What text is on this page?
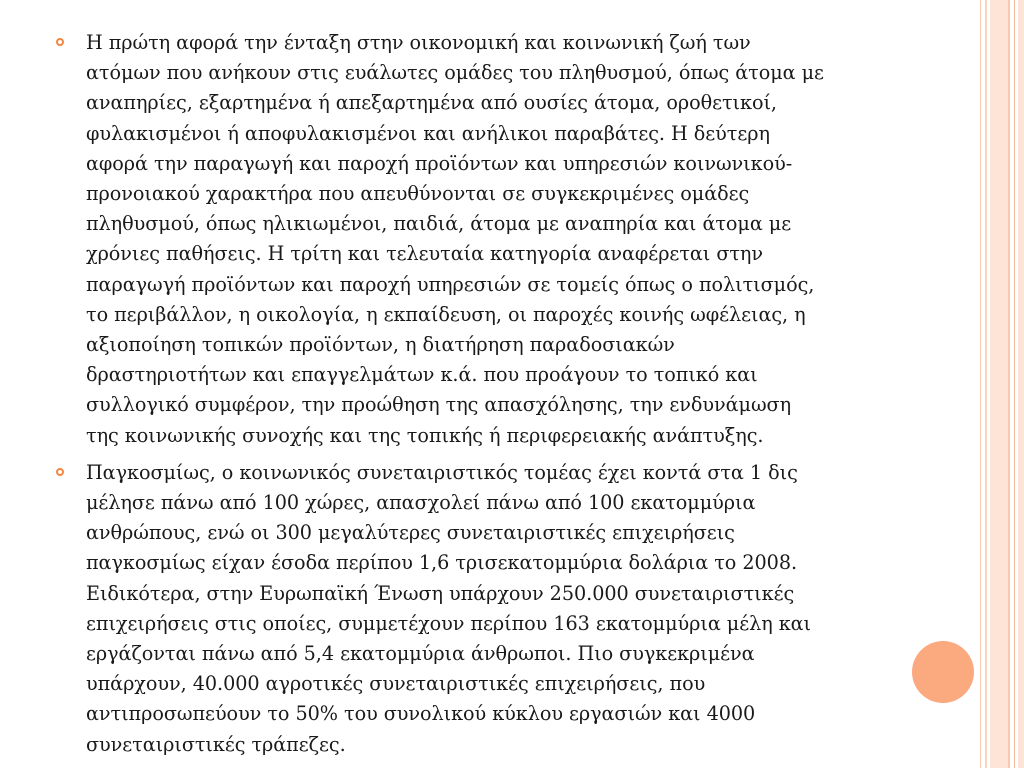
Η πρώτη αφορά την ένταξη στην οικονομική και κοινωνική ζωή των
ατόμων που ανήκουν στις ευάλωτες ομάδες του πληθυσμού, όπως άτομα με
αναπηρίες, εξαρτημένα ή απεξαρτημένα από ουσίες άτομα, οροθετικοί,
φυλακισμένοι ή αποφυλακισμένοι και ανήλικοι παραβάτες. Η δεύτερη
αφορά την παραγωγή και παροχή προϊόντων και υπηρεσιών κοινωνικού-
προνοιακού χαρακτήρα που απευθύνονται σε συγκεκριμένες ομάδες
πληθυσμού, όπως ηλικιωμένοι, παιδιά, άτομα με αναπηρία και άτομα με
χρόνιες παθήσεις. Η τρίτη και τελευταία κατηγορία αναφέρεται στην
παραγωγή προϊόντων και παροχή υπηρεσιών σε τομείς όπως ο πολιτισμός,
το περιβάλλον, η οικολογία, η εκπαίδευση, οι παροχές κοινής ωφέλειας, η
αξιοποίηση τοπικών προϊόντων, η διατήρηση παραδοσιακών
δραστηριοτήτων και επαγγελμάτων κ.ά. που προάγουν το τοπικό και
συλλογικό συμφέρον, την προώθηση της απασχόλησης, την ενδυνάμωση
της κοινωνικής συνοχής και της τοπικής ή περιφερειακής ανάπτυξης.
Παγκοσμίως, ο κοινωνικός συνεταιριστικός τομέας έχει κοντά στα 1 δις
μέλησε πάνω από 100 χώρες, απασχολεί πάνω από 100 εκατομμύρια
ανθρώπους, ενώ οι 300 μεγαλύτερες συνεταιριστικές επιχειρήσεις
παγκοσμίως είχαν έσοδα περίπου 1,6 τρισεκατομμύρια δολάρια το 2008.
Ειδικότερα, στην Ευρωπαϊκή Ένωση υπάρχουν 250.000 συνεταιριστικές
επιχειρήσεις στις οποίες, συμμετέχουν περίπου 163 εκατομμύρια μέλη και
εργάζονται πάνω από 5,4 εκατομμύρια άνθρωποι. Πιο συγκεκριμένα
υπάρχουν, 40.000 αγροτικές συνεταιριστικές επιχειρήσεις, που
αντιπροσωπεύουν το 50% του συνολικού κύκλου εργασιών και 4000
συνεταιριστικές τράπεζες.
